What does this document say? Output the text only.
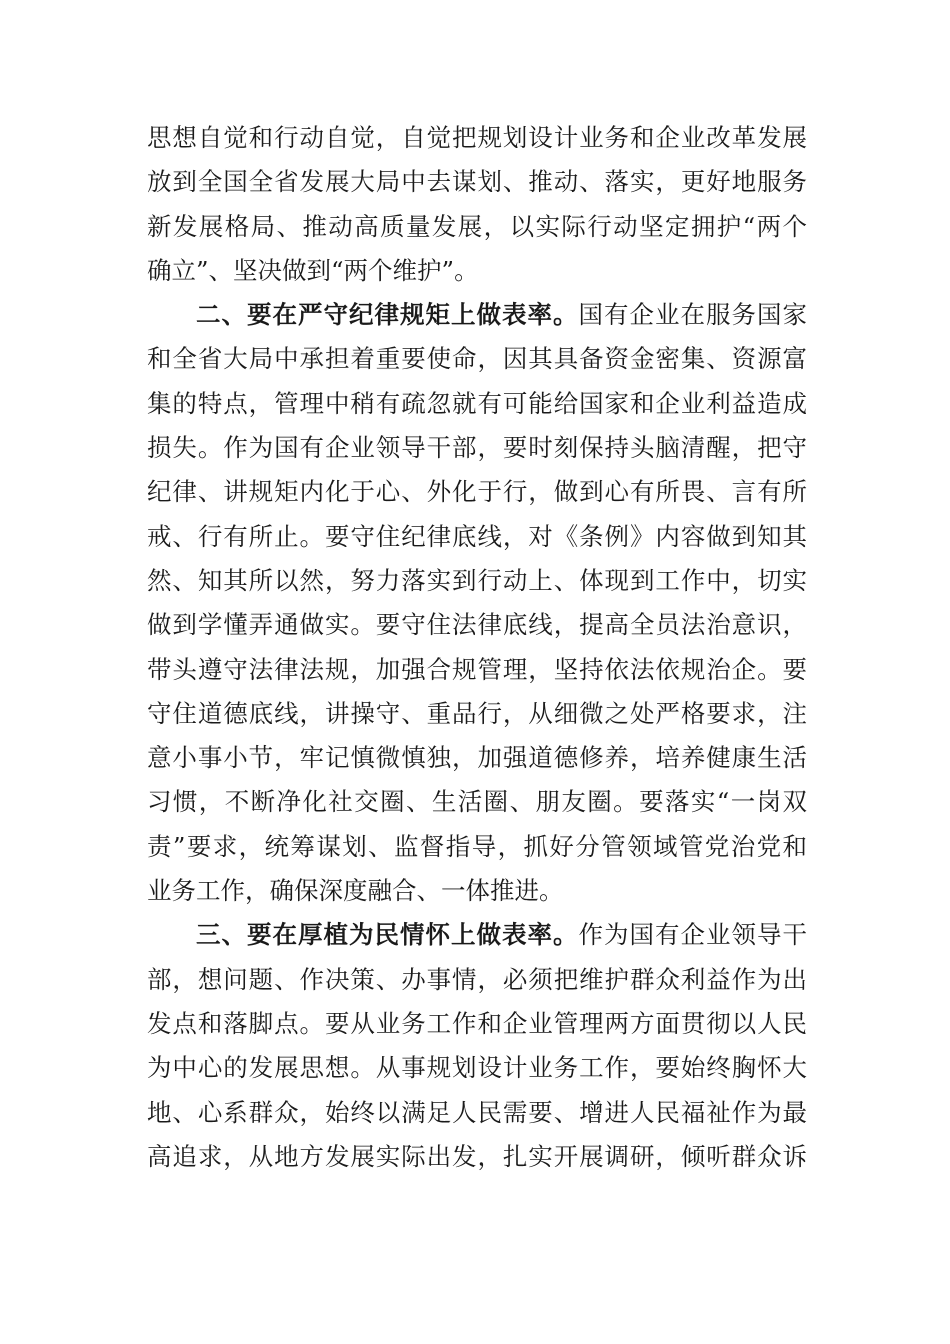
思想自觉和行动自觉，自觉把规划设计业务和企业改革发展
放到全国全省发展大局中去谋划、推动、落实，更好地服务
新发展格局、推动高质量发展，以实际行动坚定拥护“两个
确立”、坚决做到“两个维护”。
二、要在严守纪律规矩上做表率。国有企业在服务国家
和全省大局中承担着重要使命，因其具备资金密集、资源富
集的特点，管理中稍有疏忽就有可能给国家和企业利益造成
损失。作为国有企业领导干部，要时刻保持头脑清醒，把守
纪律、讲规矩内化于心、外化于行，做到心有所畏、言有所
戒、行有所止。要守住纪律底线，对《条例》内容做到知其
然、知其所以然，努力落实到行动上、体现到工作中，切实
做到学懂弄通做实。要守住法律底线，提高全员法治意识，
带头遵守法律法规，加强合规管理，坚持依法依规治企。要
守住道德底线，讲操守、重品行，从细微之处严格要求，注
意小事小节，牢记慎微慎独，加强道德修养，培养健康生活
习惯，不断净化社交圈、生活圈、朋友圈。要落实“一岗双
责”要求，统筹谋划、监督指导，抓好分管领域管党治党和
业务工作，确保深度融合、一体推进。
三、要在厚植为民情怀上做表率。作为国有企业领导干
部，想问题、作决策、办事情，必须把维护群众利益作为出
发点和落脚点。要从业务工作和企业管理两方面贯彻以人民
为中心的发展思想。从事规划设计业务工作，要始终胸怀大
地、心系群众，始终以满足人民需要、增进人民福祉作为最
高追求，从地方发展实际出发，扎实开展调研，倾听群众诉
